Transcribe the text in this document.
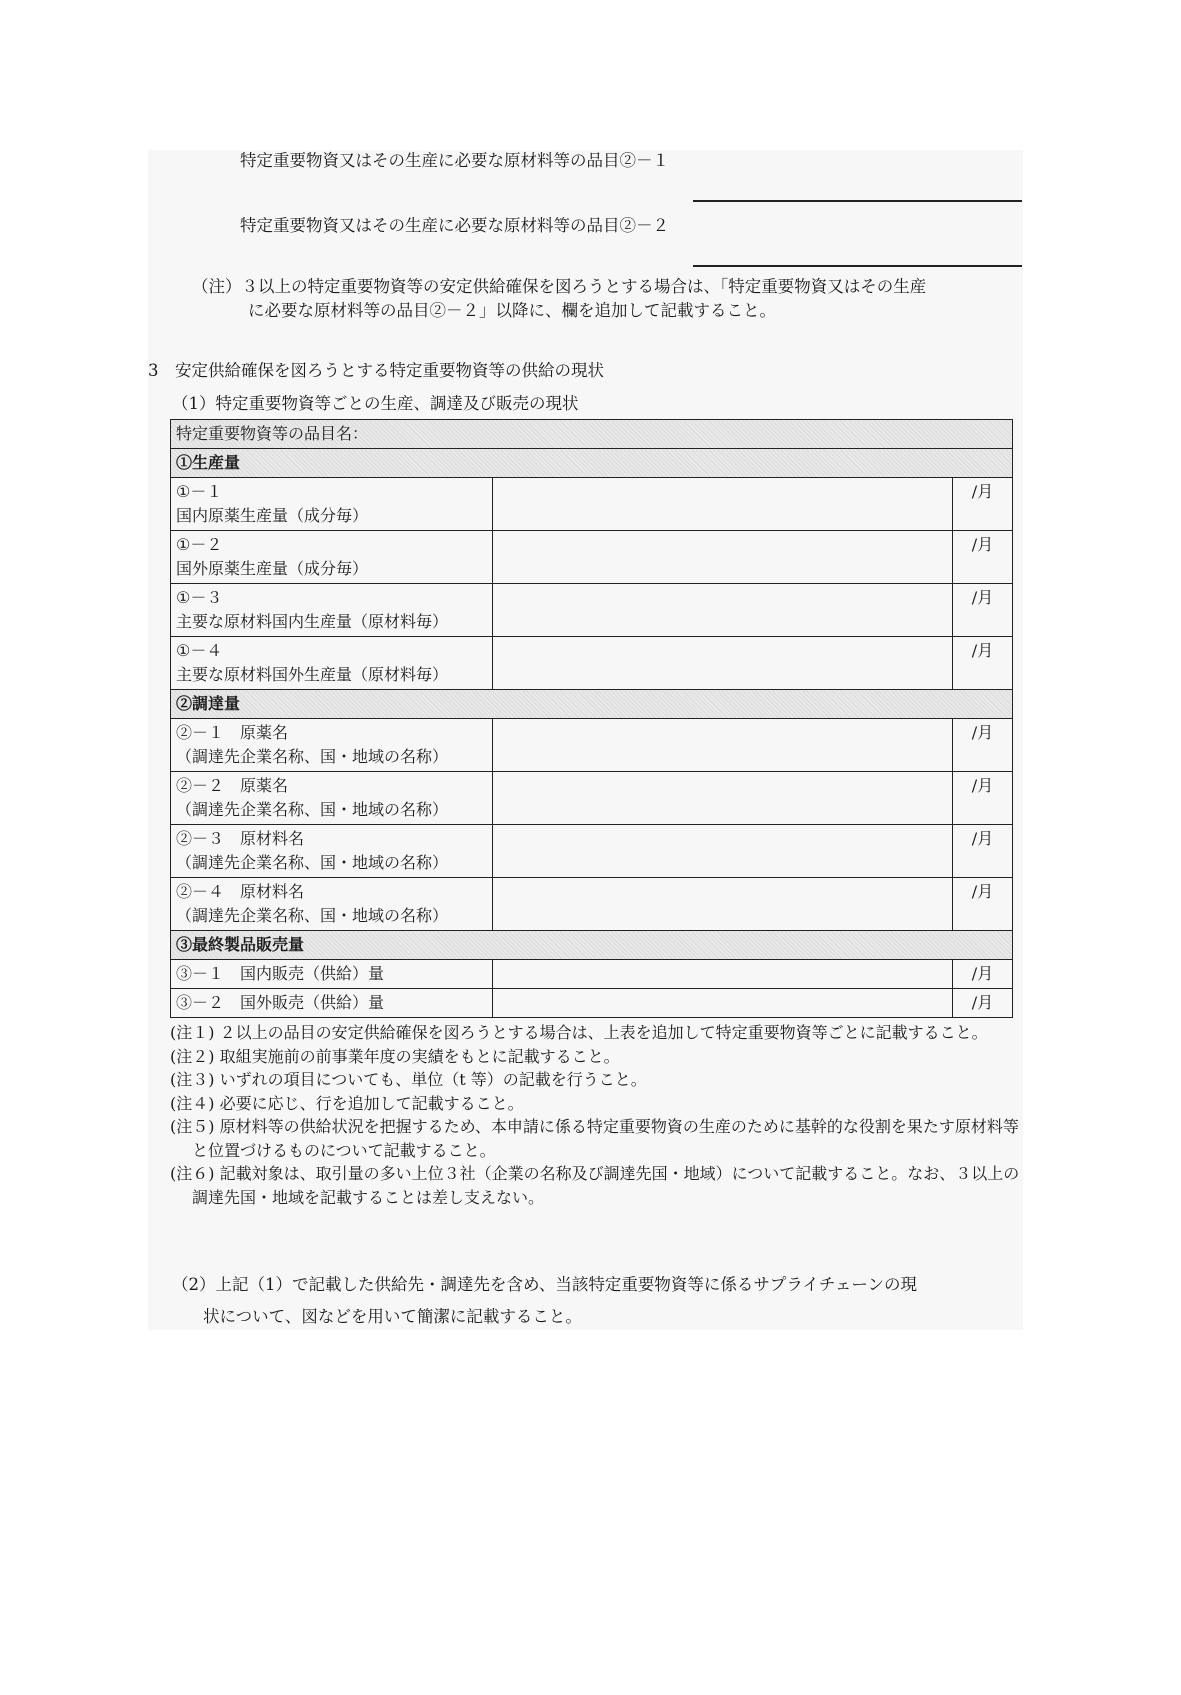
特定重要物資又はその生産に必要な原材料等の品目②－１
特定重要物資又はその生産に必要な原材料等の品目②－２
（注）３以上の特定重要物資等の安定供給確保を図ろうとする場合は、「特定重要物資又はその生産
に必要な原材料等の品目②－２」以降に、欄を追加して記載すること。
3　安定供給確保を図ろうとする特定重要物資等の供給の現状
（1）特定重要物資等ごとの生産、調達及び販売の現状
特定重要物資等の品目名：		
①生産量		

①－１
国内原薬生産量（成分毎）		/月

①－２
国外原薬生産量（成分毎）		/月

①－３
主要な原材料国内生産量（原材料毎）		/月

①－４
主要な原材料国外生産量（原材料毎）		/月
②調達量		

②－１　原薬名
（調達先企業名称、国・地域の名称）		/月

②－２　原薬名
（調達先企業名称、国・地域の名称）		/月

②－３　原材料名
（調達先企業名称、国・地域の名称）		/月

②－４　原材料名
（調達先企業名称、国・地域の名称）		/月
③最終製品販売量		
③－１　国内販売（供給）量		/月
③－２　国外販売（供給）量		/月
(注１) ２以上の品目の安定供給確保を図ろうとする場合は、上表を追加して特定重要物資等ごとに記載すること。
(注２) 取組実施前の前事業年度の実績をもとに記載すること。
(注３) いずれの項目についても、単位（t 等）の記載を行うこと。
(注４) 必要に応じ、行を追加して記載すること。
(注５) 原材料等の供給状況を把握するため、本申請に係る特定重要物資の生産のために基幹的な役割を果たす原材料等と位置づけるものについて記載すること。
(注６) 記載対象は、取引量の多い上位３社（企業の名称及び調達先国・地域）について記載すること。なお、３以上の調達先国・地域を記載することは差し支えない。
（2）上記（1）で記載した供給先・調達先を含め、当該特定重要物資等に係るサプライチェーンの現
状について、図などを用いて簡潔に記載すること。
